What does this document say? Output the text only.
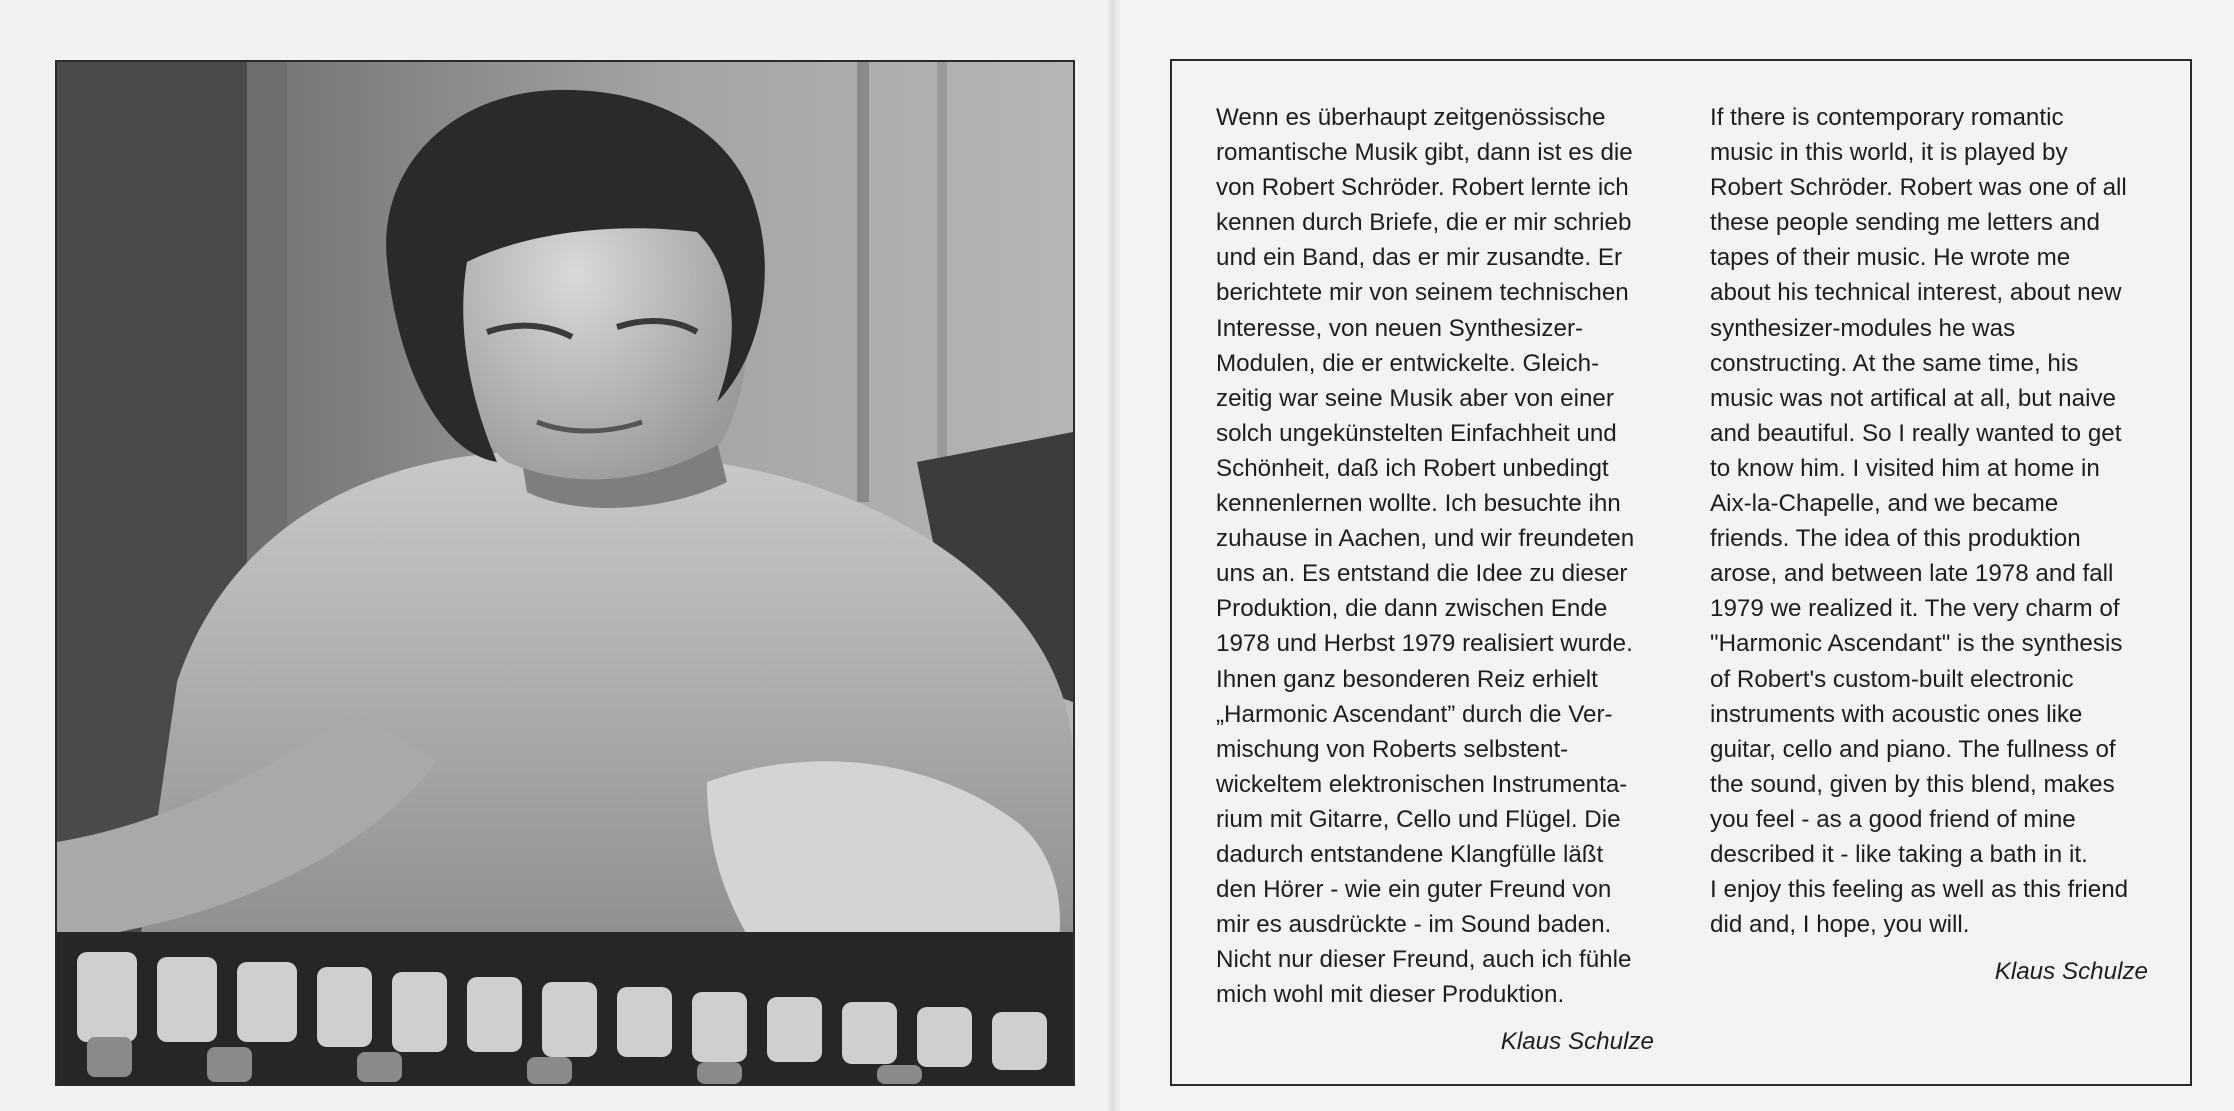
Wenn es überhaupt zeitgenössische
romantische Musik gibt, dann ist es die
von Robert Schröder. Robert lernte ich
kennen durch Briefe, die er mir schrieb
und ein Band, das er mir zusandte. Er
berichtete mir von seinem technischen
Interesse, von neuen Synthesizer-
Modulen, die er entwickelte. Gleich-
zeitig war seine Musik aber von einer
solch ungekünstelten Einfachheit und
Schönheit, daß ich Robert unbedingt
kennenlernen wollte. Ich besuchte ihn
zuhause in Aachen, und wir freundeten
uns an. Es entstand die Idee zu dieser
Produktion, die dann zwischen Ende
1978 und Herbst 1979 realisiert wurde.
Ihnen ganz besonderen Reiz erhielt
„Harmonic Ascendant” durch die Ver-
mischung von Roberts selbstent-
wickeltem elektronischen Instrumenta-
rium mit Gitarre, Cello und Flügel. Die
dadurch entstandene Klangfülle läßt
den Hörer - wie ein guter Freund von
mir es ausdrückte - im Sound baden.
Nicht nur dieser Freund, auch ich fühle
mich wohl mit dieser Produktion.
Klaus Schulze
If there is contemporary romantic
music in this world, it is played by
Robert Schröder. Robert was one of all
these people sending me letters and
tapes of their music. He wrote me
about his technical interest, about new
synthesizer-modules he was
constructing. At the same time, his
music was not artifical at all, but naive
and beautiful. So I really wanted to get
to know him. I visited him at home in
Aix-la-Chapelle, and we became
friends. The idea of this produktion
arose, and between late 1978 and fall
1979 we realized it. The very charm of
"Harmonic Ascendant" is the synthesis
of Robert's custom-built electronic
instruments with acoustic ones like
guitar, cello and piano. The fullness of
the sound, given by this blend, makes
you feel - as a good friend of mine
described it - like taking a bath in it.
I enjoy this feeling as well as this friend
did and, I hope, you will.
Klaus Schulze
